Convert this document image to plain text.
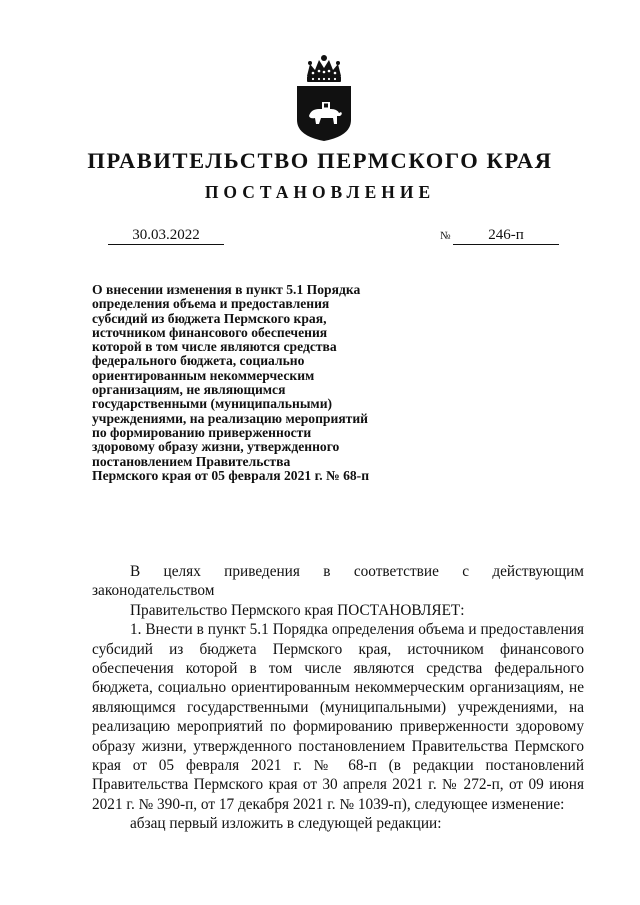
ПРАВИТЕЛЬСТВО ПЕРМСКОГО КРАЯ
ПОСТАНОВЛЕНИЕ
30.03.2022	№	246-п
О внесении изменения в пункт 5.1 Порядка
определения объема и предоставления
субсидий из бюджета Пермского края,
источником финансового обеспечения
которой в том числе являются средства
федерального бюджета, социально
ориентированным некоммерческим
организациям, не являющимся
государственными (муниципальными)
учреждениями, на реализацию мероприятий
по формированию приверженности
здоровому образу жизни, утвержденного
постановлением Правительства
Пермского края от 05 февраля 2021 г. № 68-п

В целях приведения в соответствие с действующим законодательством

Правительство Пермского края ПОСТАНОВЛЯЕТ:

1. Внести в пункт 5.1 Порядка определения объема и предоставления субсидий из бюджета Пермского края, источником финансового обеспечения которой в том числе являются средства федерального бюджета, социально ориентированным некоммерческим организациям, не являющимся государственными (муниципальными) учреждениями, на реализацию мероприятий по формированию приверженности здоровому образу жизни, утвержденного постановлением Правительства Пермского края от 05 февраля 2021 г. № 68-п (в редакции постановлений Правительства Пермского края от 30 апреля 2021 г. № 272-п, от 09 июня 2021 г. № 390-п, от 17 декабря 2021 г. № 1039-п), следующее изменение:

абзац первый изложить в следующей редакции:
